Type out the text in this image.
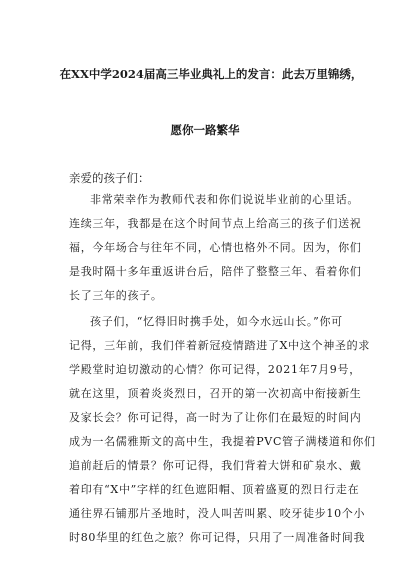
在XX中学2024届高三毕业典礼上的发言：此去万里锦绣，
愿你一路繁华
亲爱的孩子们：
非常荣幸作为教师代表和你们说说毕业前的心里话。
连续三年，我都是在这个时间节点上给高三的孩子们送祝
福，今年场合与往年不同，心情也格外不同。因为，你们
是我时隔十多年重返讲台后，陪伴了整整三年、看着你们
长了三年的孩子。
孩子们，“忆得旧时携手处，如今水远山长。”你可
记得，三年前，我们伴着新冠疫情踏进了X中这个神圣的求
学殿堂时迫切激动的心情？你可记得，2021年7月9号，
就在这里，顶着炎炎烈日，召开的第一次初高中衔接新生
及家长会？你可记得，高一时为了让你们在最短的时间内
成为一名儒雅斯文的高中生，我提着PVC管子满楼道和你们
追前赶后的情景？你可记得，我们背着大饼和矿泉水、戴
着印有“X中”字样的红色遮阳帽、顶着盛夏的烈日行走在
通往界石铺那片圣地时，没人叫苦叫累、咬牙徒步10个小
时80华里的红色之旅？你可记得，只用了一周准备时间我
